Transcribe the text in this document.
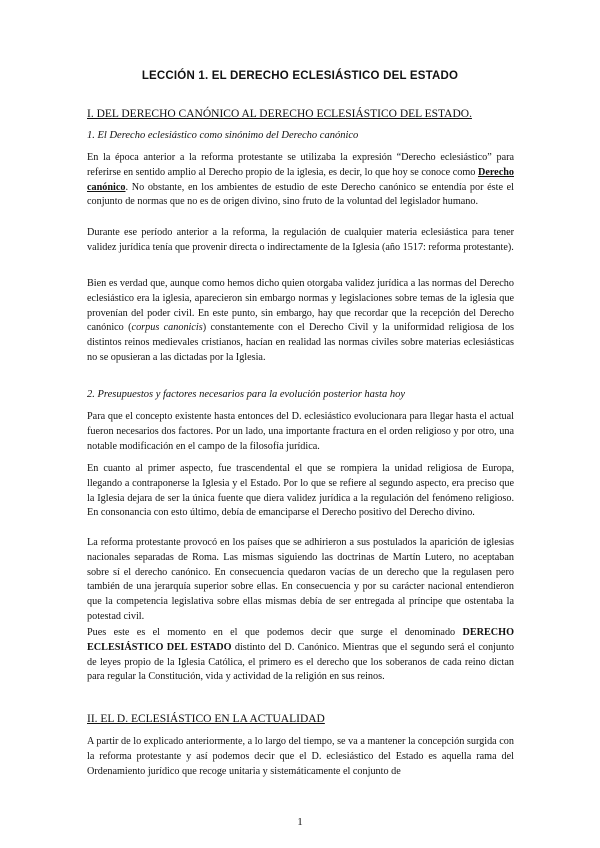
LECCIÓN 1. EL DERECHO ECLESIÁSTICO DEL ESTADO
I. DEL DERECHO CANÓNICO AL DERECHO ECLESIÁSTICO DEL ESTADO.
1. El Derecho eclesiástico como sinónimo del Derecho canónico
En la época anterior a la reforma protestante se utilizaba la expresión “Derecho eclesiástico” para referirse en sentido amplio al Derecho propio de la iglesia, es decir, lo que hoy se conoce como Derecho canónico. No obstante, en los ambientes de estudio de este Derecho canónico se entendía por éste el conjunto de normas que no es de origen divino, sino fruto de la voluntad del legislador humano.
Durante ese período anterior a la reforma, la regulación de cualquier materia eclesiástica para tener validez jurídica tenía que provenir directa o indirectamente de la Iglesia (año 1517: reforma protestante).
Bien es verdad que, aunque como hemos dicho quien otorgaba validez jurídica a las normas del Derecho eclesiástico era la iglesia, aparecieron sin embargo normas y legislaciones sobre temas de la iglesia que provenían del poder civil. En este punto, sin embargo, hay que recordar que la recepción del Derecho canónico (corpus canonicis) constantemente con el Derecho Civil y la uniformidad religiosa de los distintos reinos medievales cristianos, hacían en realidad las normas civiles sobre materias eclesiásticas no se opusieran a las dictadas por la Iglesia.
2. Presupuestos y factores necesarios para la evolución posterior hasta hoy
Para que el concepto existente hasta entonces del D. eclesiástico evolucionara para llegar hasta el actual fueron necesarios dos factores. Por un lado, una importante fractura en el orden religioso y por otro, una notable modificación en el campo de la filosofía jurídica.
En cuanto al primer aspecto, fue trascendental el que se rompiera la unidad religiosa de Europa, llegando a contraponerse la Iglesia y el Estado. Por lo que se refiere al segundo aspecto, era preciso que la Iglesia dejara de ser la única fuente que diera validez jurídica a la regulación del fenómeno religioso. En consonancia con esto último, debía de emanciparse el Derecho positivo del Derecho divino.
La reforma protestante provocó en los países que se adhirieron a sus postulados la aparición de iglesias nacionales separadas de Roma. Las mismas siguiendo las doctrinas de Martín Lutero, no aceptaban sobre sí el derecho canónico. En consecuencia quedaron vacías de un derecho que la regulasen pero también de una jerarquía superior sobre ellas. En consecuencia y por su carácter nacional entendieron que la competencia legislativa sobre ellas mismas debía de ser entregada al príncipe que ostentaba la potestad civil.
Pues este es el momento en el que podemos decir que surge el denominado DERECHO ECLESIÁSTICO DEL ESTADO distinto del D. Canónico. Mientras que el segundo será el conjunto de leyes propio de la Iglesia Católica, el primero es el derecho que los soberanos de cada reino dictan para regular la Constitución, vida y actividad de la religión en sus reinos.
II. EL D. ECLESIÁSTICO EN LA ACTUALIDAD
A partir de lo explicado anteriormente, a lo largo del tiempo, se va a mantener la concepción surgida con la reforma protestante y así podemos decir que el D. eclesiástico del Estado es aquella rama del Ordenamiento jurídico que recoge unitaria y sistemáticamente el conjunto de
1
